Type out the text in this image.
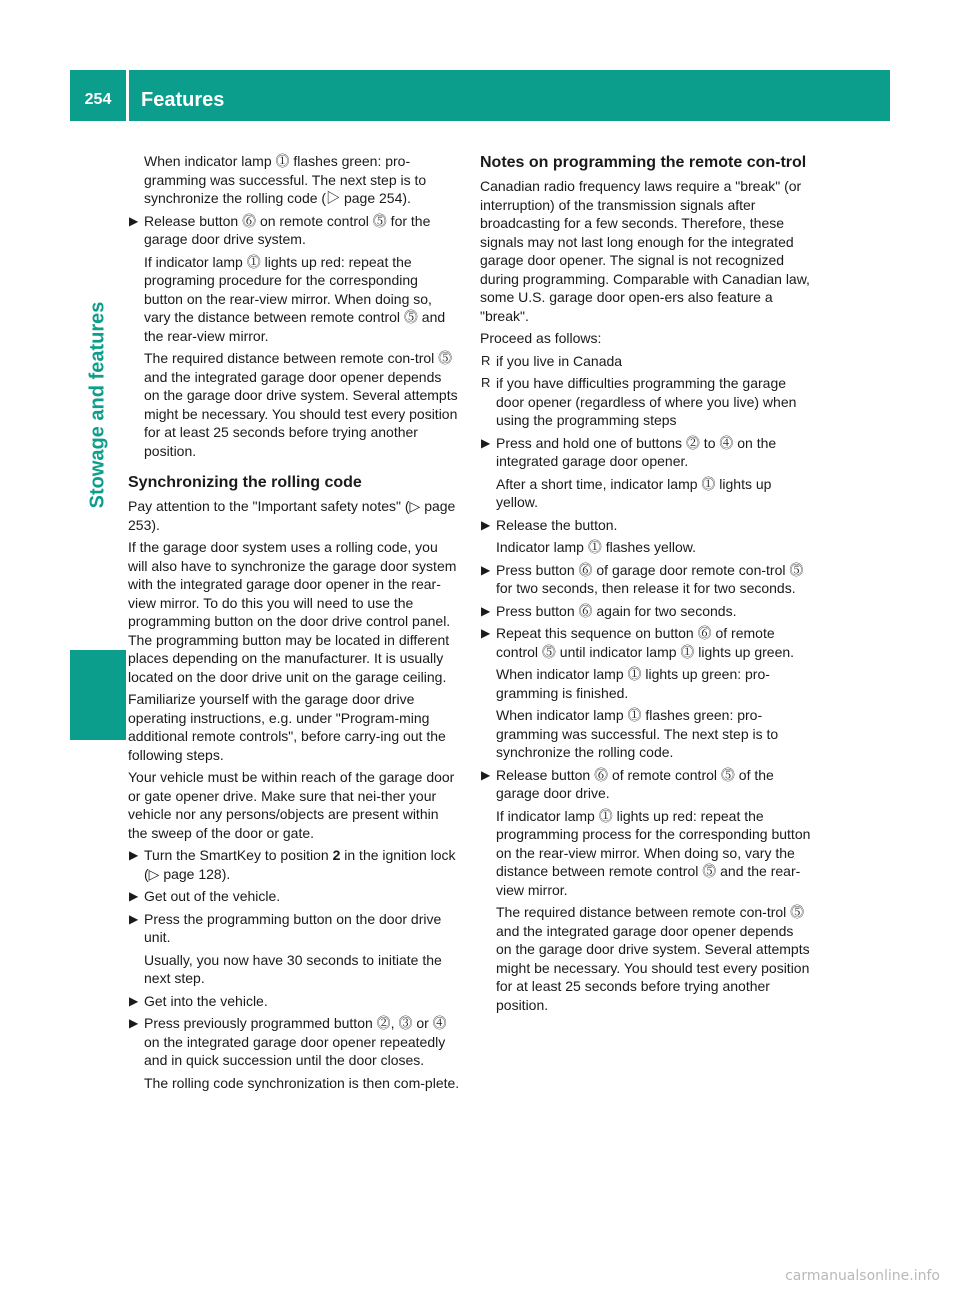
254	Features
Stowage and features

When indicator lamp ⓵ flashes green: pro-gramming was successful. The next step is to synchronize the rolling code (▷ page 254).

▶ Release button ⓺ on remote control ⓹ for the garage door drive system.

If indicator lamp ⓵ lights up red: repeat the programing procedure for the corresponding button on the rear-view mirror. When doing so, vary the distance between remote control ⓹ and the rear-view mirror.

The required distance between remote con-trol ⓹ and the integrated garage door opener depends on the garage door drive system. Several attempts might be necessary. You should test every position for at least 25 seconds before trying another position.

Synchronizing the rolling code

Pay attention to the "Important safety notes" (▷ page 253).

If the garage door system uses a rolling code, you will also have to synchronize the garage door system with the integrated garage door opener in the rear-view mirror. To do this you will need to use the programming button on the door drive control panel. The programming button may be located in different places depending on the manufacturer. It is usually located on the door drive unit on the garage ceiling.

Familiarize yourself with the garage door drive operating instructions, e.g. under "Program-ming additional remote controls", before carry-ing out the following steps.

Your vehicle must be within reach of the garage door or gate opener drive. Make sure that nei-ther your vehicle nor any persons/objects are present within the sweep of the door or gate.

▶ Turn the SmartKey to position 2 in the ignition lock (▷ page 128).
▶ Get out of the vehicle.
▶ Press the programming button on the door drive unit.

Usually, you now have 30 seconds to initiate the next step.

▶ Get into the vehicle.
▶ Press previously programmed button ⓶, ⓷ or ⓸ on the integrated garage door opener repeatedly and in quick succession until the door closes.

The rolling code synchronization is then com-plete.

Notes on programming the remote con-trol

Canadian radio frequency laws require a "break" (or interruption) of the transmission signals after broadcasting for a few seconds. Therefore, these signals may not last long enough for the integrated garage door opener. The signal is not recognized during programming. Comparable with Canadian law, some U.S. garage door open-ers also feature a "break".

Proceed as follows:

R if you live in Canada
R if you have difficulties programming the garage door opener (regardless of where you live) when using the programming steps
▶ Press and hold one of buttons ⓶ to ⓸ on the integrated garage door opener.

After a short time, indicator lamp ⓵ lights up yellow.

▶ Release the button.

Indicator lamp ⓵ flashes yellow.

▶ Press button ⓺ of garage door remote con-trol ⓹ for two seconds, then release it for two seconds.
▶ Press button ⓺ again for two seconds.
▶ Repeat this sequence on button ⓺ of remote control ⓹ until indicator lamp ⓵ lights up green.

When indicator lamp ⓵ lights up green: pro-gramming is finished.

When indicator lamp ⓵ flashes green: pro-gramming was successful. The next step is to synchronize the rolling code.

▶ Release button ⓺ of remote control ⓹ of the garage door drive.

If indicator lamp ⓵ lights up red: repeat the programming process for the corresponding button on the rear-view mirror. When doing so, vary the distance between remote control ⓹ and the rear-view mirror.

The required distance between remote con-trol ⓹ and the integrated garage door opener depends on the garage door drive system. Several attempts might be necessary. You should test every position for at least 25 seconds before trying another position.

carmanualsonline.info
